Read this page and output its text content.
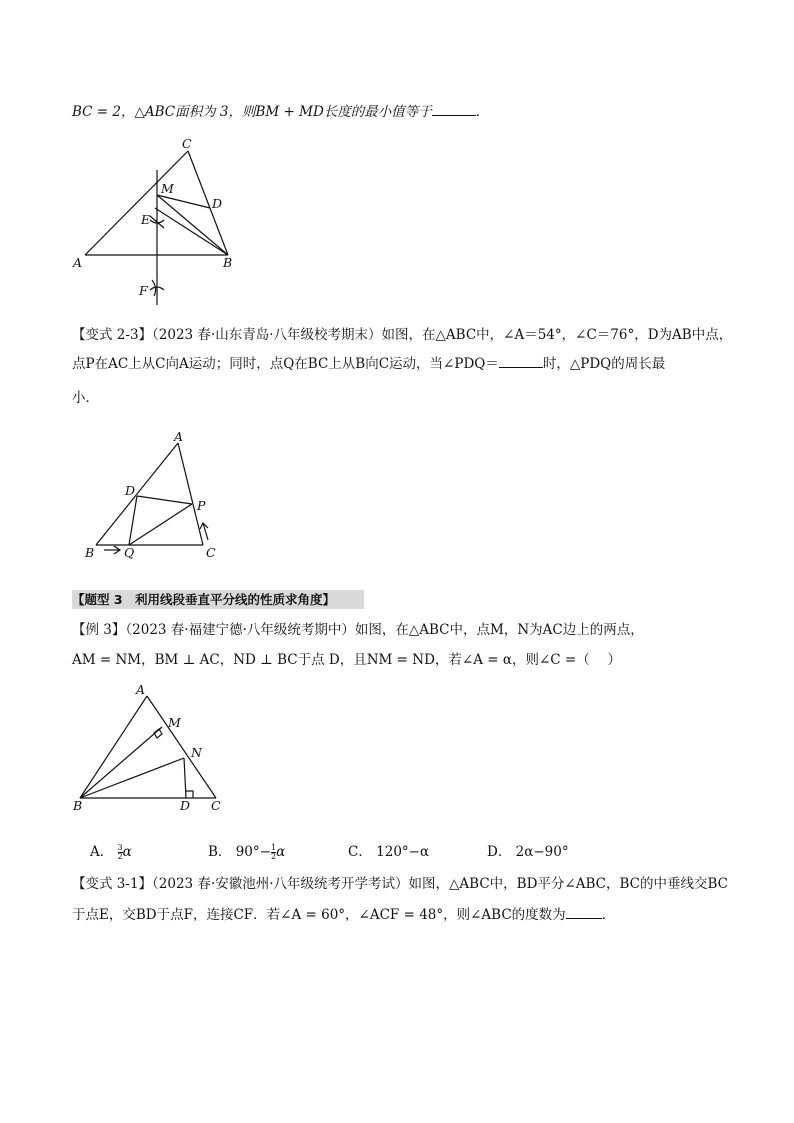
BC = 2，△ABC面积为 3，则BM + MD长度的最小值等于	．
C
M
D
E
A	B
F
【变式 2-3】（2023 春·山东青岛·八年级校考期末）如图，在△ABC中，∠A＝54°，∠C＝76°，D为AB中点，
点P在AC上从C向A运动；同时，点Q在BC上从B向C运动，当∠PDQ＝	时，△PDQ的周长最
小．
A
D
P
B Q	C
【题型 3　利用线段垂直平分线的性质求角度】
【例 3】（2023 春·福建宁德·八年级统考期中）如图，在△ABC中，点M，N为AC边上的两点，
AM = NM，BM ⊥ AC，ND ⊥ BC于点 D，且NM = ND，若∠A = α，则∠C =（　 ）
A
M
N
B	D C
A． $\frac{3}{2}$ α	B． $90^\circ- \frac{1}{2}$ α	C． 120°−α	D． 2α−90°
【变式 3-1】（2023 春·安徽池州·八年级统考开学考试）如图，△ABC中，BD平分∠ABC，BC的中垂线交BC
于点E，交BD于点F，连接CF．若∠A = 60°，∠ACF = 48°，则∠ABC的度数为	．
